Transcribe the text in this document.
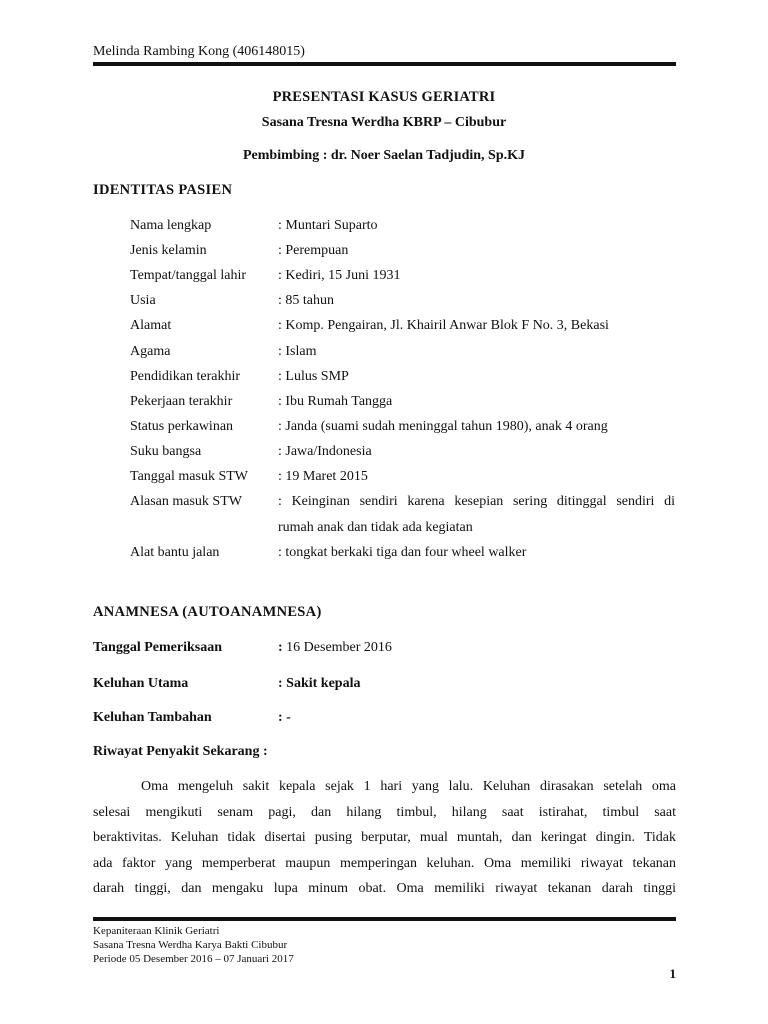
Melinda Rambing Kong (406148015)
PRESENTASI KASUS GERIATRI
Sasana Tresna Werdha KBRP – Cibubur
Pembimbing : dr. Noer Saelan Tadjudin, Sp.KJ
IDENTITAS PASIEN
Nama lengkap	: Muntari Suparto
Jenis kelamin	: Perempuan
Tempat/tanggal lahir : Kediri, 15 Juni 1931
Usia	: 85 tahun
Alamat	: Komp. Pengairan, Jl. Khairil Anwar Blok F No. 3, Bekasi
Agama	: Islam
Pendidikan terakhir	: Lulus SMP
Pekerjaan terakhir	: Ibu Rumah Tangga
Status perkawinan	: Janda (suami sudah meninggal tahun 1980), anak 4 orang
Suku bangsa	: Jawa/Indonesia
Tanggal masuk STW : 19 Maret 2015
Alasan masuk STW	: Keinginan sendiri karena kesepian sering ditinggal sendiri di
rumah anak dan tidak ada kegiatan
Alat bantu jalan	: tongkat berkaki tiga dan four wheel walker
ANAMNESA (AUTOANAMNESA)
Tanggal Pemeriksaan	: 16 Desember 2016
Keluhan Utama	: Sakit kepala
Keluhan Tambahan	: -
Riwayat Penyakit Sekarang :
Oma mengeluh sakit kepala sejak 1 hari yang lalu. Keluhan dirasakan setelah oma
selesai mengikuti senam pagi, dan hilang timbul, hilang saat istirahat, timbul saat
beraktivitas. Keluhan tidak disertai pusing berputar, mual muntah, dan keringat dingin. Tidak
ada faktor yang memperberat maupun memperingan keluhan. Oma memiliki riwayat tekanan
darah tinggi, dan mengaku lupa minum obat. Oma memiliki riwayat tekanan darah tinggi
Kepaniteraan Klinik Geriatri
Sasana Tresna Werdha Karya Bakti Cibubur
Periode 05 Desember 2016 – 07 Januari 2017
1
